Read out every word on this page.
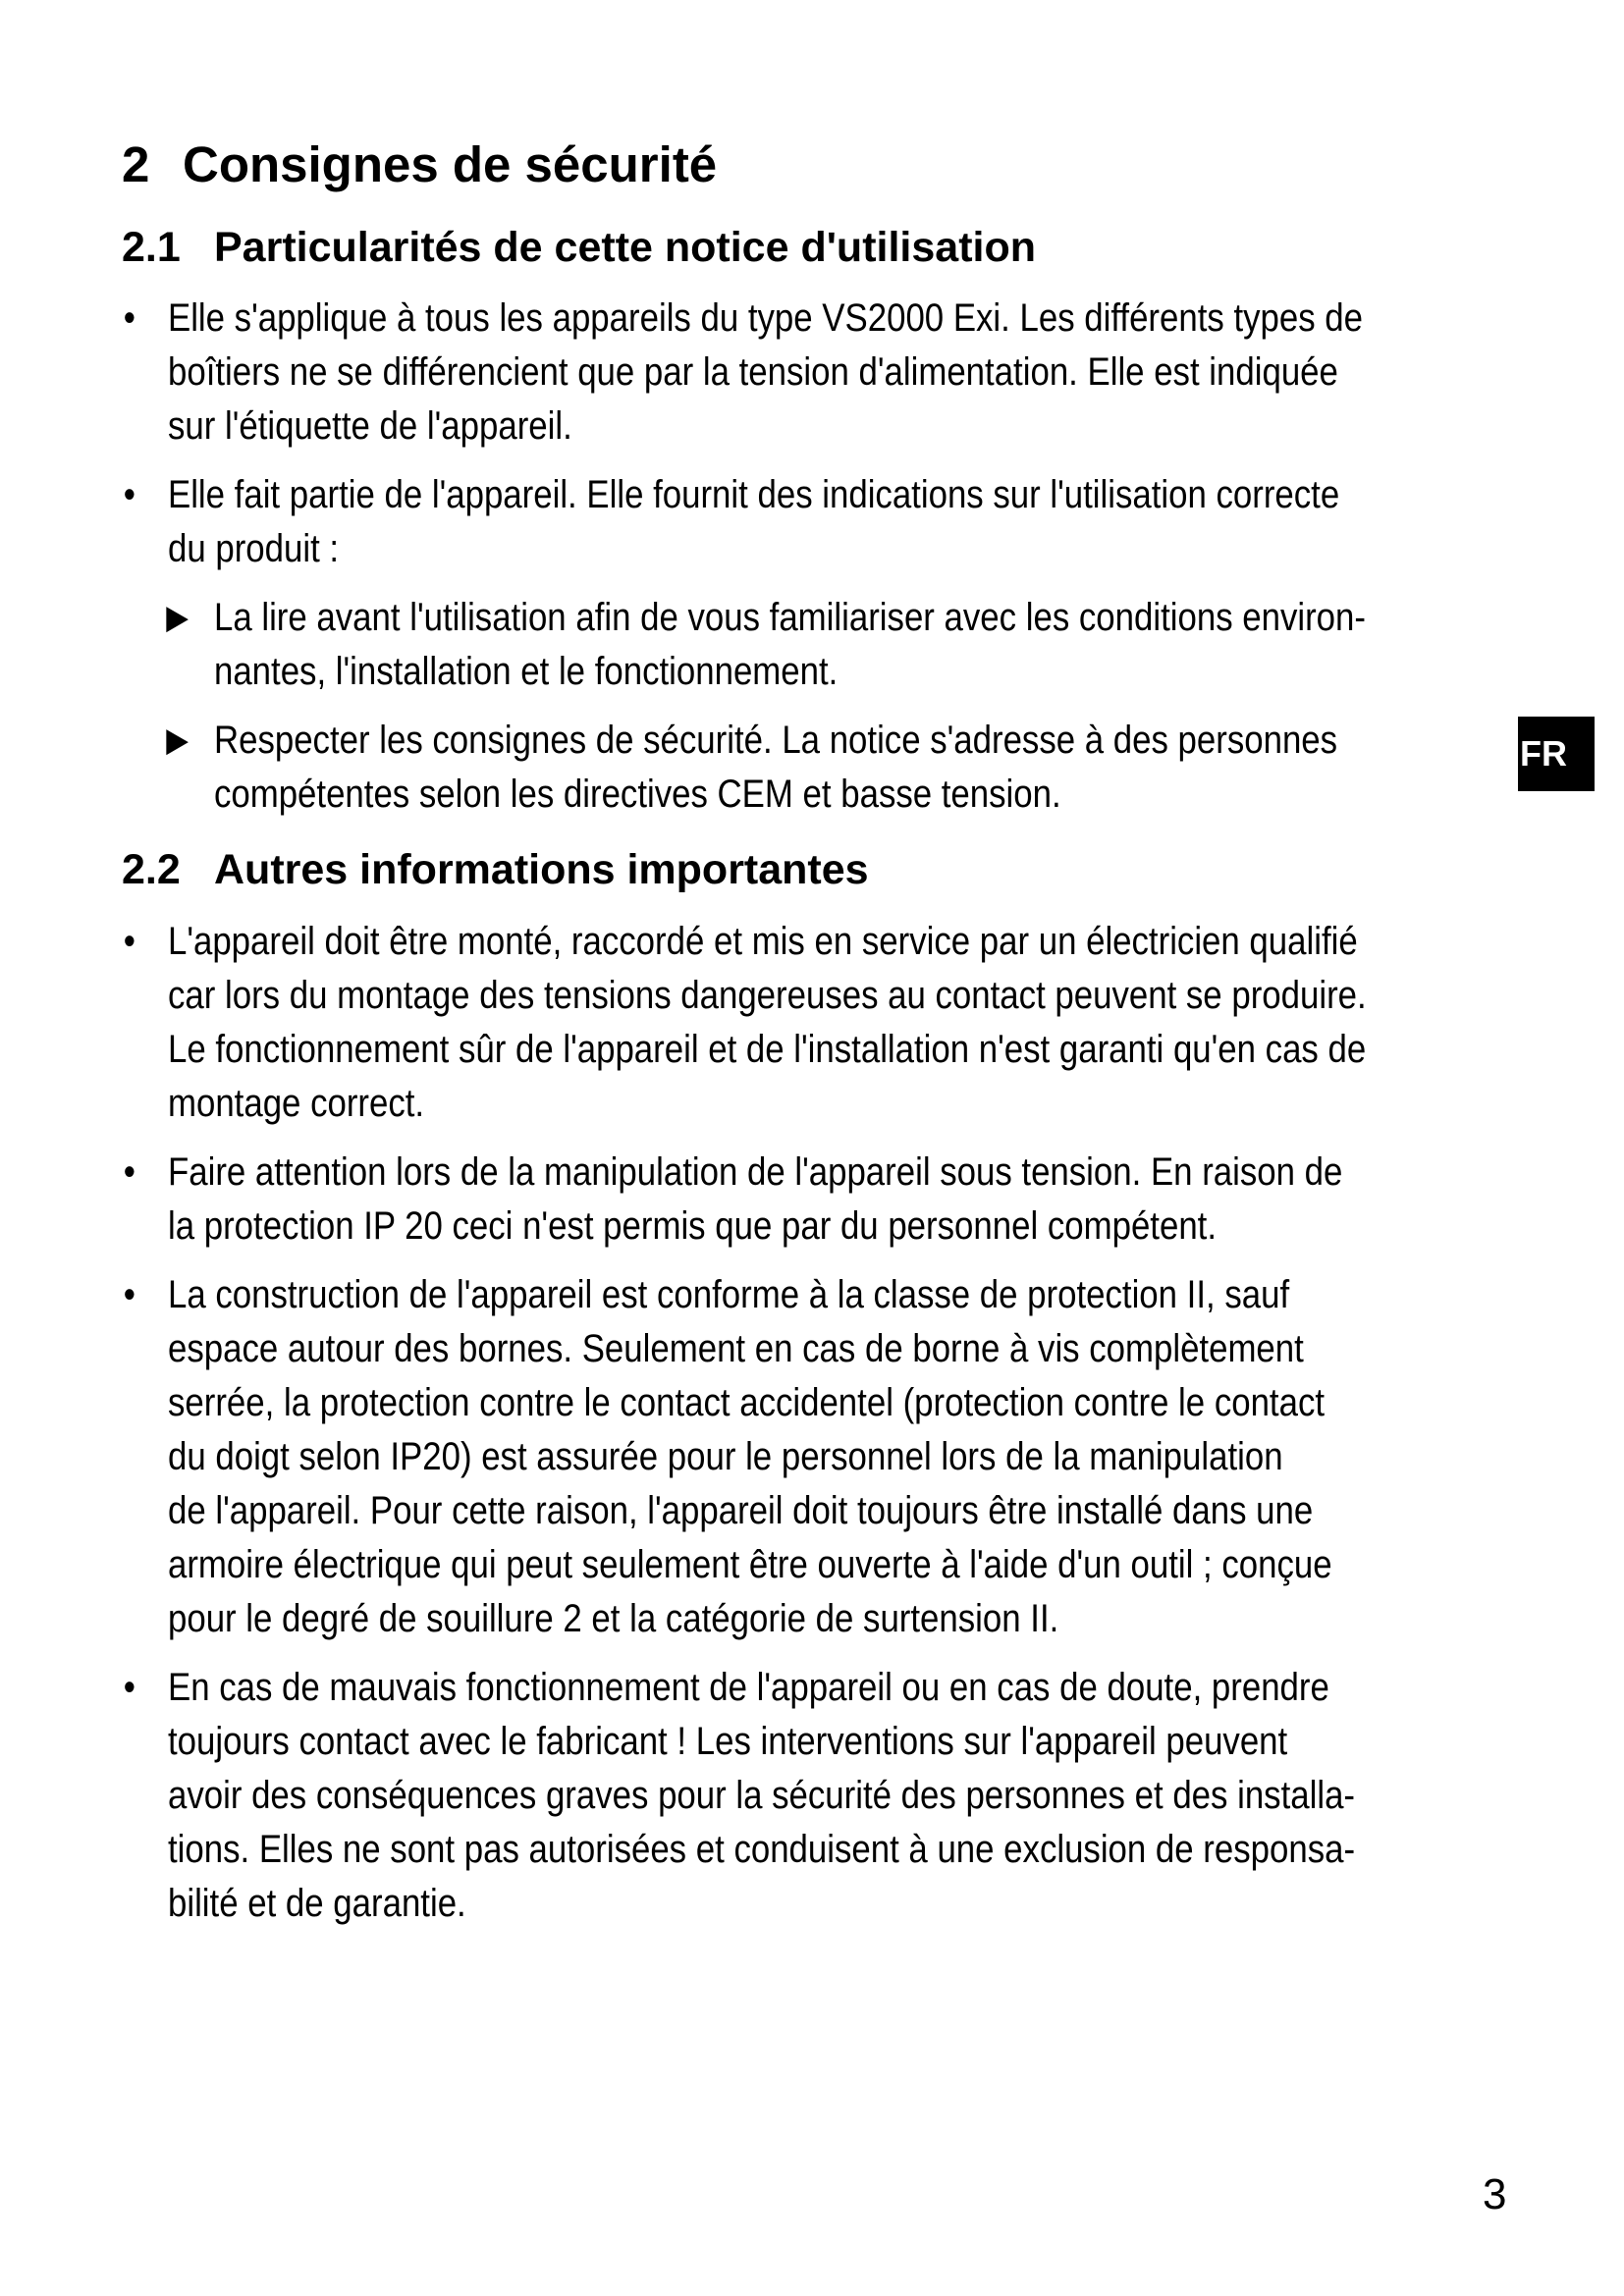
2 Consignes de sécurité
2.1 Particularités de cette notice d'utilisation
• Elle s'applique à tous les appareils du type VS2000 Exi. Les différents types de
boîtiers ne se différencient que par la tension d'alimentation. Elle est indiquée
sur l'étiquette de l'appareil.
• Elle fait partie de l'appareil. Elle fournit des indications sur l'utilisation correcte
du produit :
▶ La lire avant l'utilisation afin de vous familiariser avec les conditions environ-
nantes, l'installation et le fonctionnement.
▶ Respecter les consignes de sécurité. La notice s'adresse à des personnes
compétentes selon les directives CEM et basse tension.
2.2 Autres informations importantes
• L'appareil doit être monté, raccordé et mis en service par un électricien qualifié
car lors du montage des tensions dangereuses au contact peuvent se produire.
Le fonctionnement sûr de l'appareil et de l'installation n'est garanti qu'en cas de
montage correct.
• Faire attention lors de la manipulation de l'appareil sous tension. En raison de
la protection IP 20 ceci n'est permis que par du personnel compétent.
• La construction de l'appareil est conforme à la classe de protection II, sauf
espace autour des bornes. Seulement en cas de borne à vis complètement
serrée, la protection contre le contact accidentel (protection contre le contact
du doigt selon IP20) est assurée pour le personnel lors de la manipulation
de l'appareil. Pour cette raison, l'appareil doit toujours être installé dans une
armoire électrique qui peut seulement être ouverte à l'aide d'un outil ; conçue
pour le degré de souillure 2 et la catégorie de surtension II.
• En cas de mauvais fonctionnement de l'appareil ou en cas de doute, prendre
toujours contact avec le fabricant ! Les interventions sur l'appareil peuvent
avoir des conséquences graves pour la sécurité des personnes et des installa-
tions. Elles ne sont pas autorisées et conduisent à une exclusion de responsa-
bilité et de garantie.
FR
3
